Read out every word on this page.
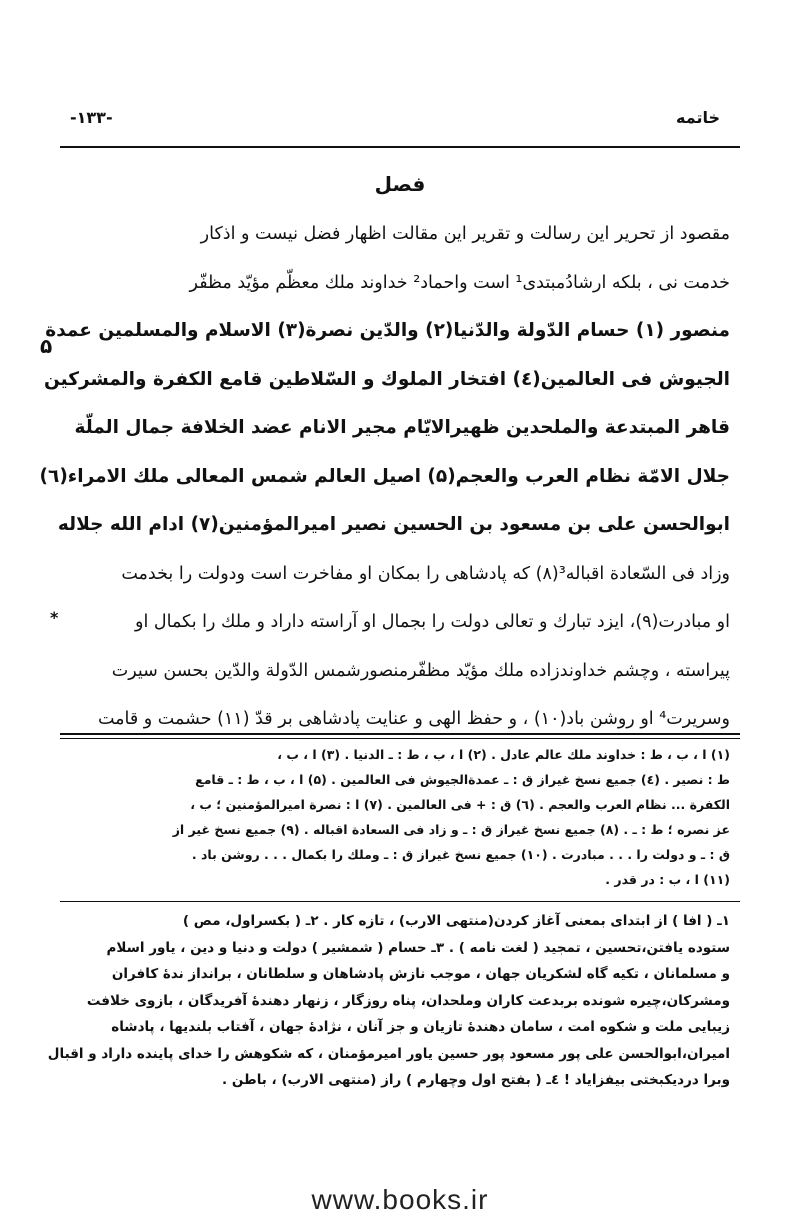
خاتمه
-۱۳۳-
فصل
۵
*
مقصود از تحریر این رسالت و تقریر این مقالت اظهار فضل نیست و اذکار
خدمت نی ، بلکه ارشادُمبتدی¹ است واحماد² خداوند ملك معظّم مؤیّد مظفّر
منصور (۱) حسام الدّولة والدّنیا(۲) والدّین نصرة(۳) الاسلام والمسلمین عمدة
الجیوش فی العالمین(٤) افتخار الملوك و السّلاطین قامع الکفرة والمشرکین
قاهر المبتدعة والملحدین ظهیرالایّام مجیر الانام عضد الخلافة جمال الملّة
جلال الامّة نظام العرب والعجم(۵) اصیل العالم شمس المعالی ملك الامراء(٦)
ابوالحسن علی بن مسعود بن الحسین نصیر امیرالمؤمنین(۷) ادام الله جلاله
وزاد فی السّعادة اقباله³(۸) که پادشاهی را بمکان او مفاخرت است ودولت را بخدمت
او مبادرت(۹)، ایزد تبارك و تعالی دولت را بجمال او آراسته داراد و ملك را بکمال او
پیراسته ، وچشم خداوندزاده ملك مؤیّد مظفّرمنصورشمس الدّولة والدّین بحسن سیرت
وسریرت⁴ او روشن باد(۱۰) ، و حفظ الهی و عنایت پادشاهی بر قدّ (۱۱) حشمت و قامت
(۱) ا ، ب ، ط : خداوند ملك عالم عادل . (۲) ا ، ب ، ط : ـ الدنیا . (۳) ا ، ب ،
ط : نصیر . (٤) جمیع نسخ غیراز ق : ـ عمدةالجیوش فی العالمین . (۵) ا ، ب ، ط : ـ قامع
الکفرة ... نظام العرب والعجم . (٦) ق : + فی العالمین . (۷) ا : نصرة امیرالمؤمنین ؛ ب ،
عز نصره ؛ ط : ـ . (۸) جمیع نسخ غیراز ق : ـ و زاد فی السعادة اقباله . (۹) جمیع نسخ غیر از
ق : ـ و دولت را . . . مبادرت . (۱۰) جمیع نسخ غیراز ق : ـ وملك را بکمال . . . روشن باد .
(۱۱) ا ، ب : در قدر .
۱ـ ( افا ) از ابتدای بمعنی آغاز کردن(منتهی الارب) ، تازه کار . ۲ـ ( بکسراول، مص )
ستوده یافتن،تحسین ، تمجید ( لغت نامه ) . ۳ـ حسام ( شمشیر ) دولت و دنیا و دین ، یاور اسلام
و مسلمانان ، تکیه گاه لشکریان جهان ، موجب نازش پادشاهان و سلطانان ، برانداز ندهٔ کافران
ومشرکان،چیره شونده بربدعت کاران وملحدان، پناه روزگار ، زنهار دهندهٔ آفریدگان ، بازوی خلافت
زیبایی ملت و شکوه امت ، سامان دهندهٔ تازیان و جز آنان ، نژادهٔ جهان ، آفتاب بلندیها ، پادشاه
امیران،ابوالحسن علی پور مسعود پور حسین یاور امیرمؤمنان ، که شکوهش را خدای پاینده داراد و اقبال
وبرا دردیکبختی بیفزایاد ! ٤ـ ( بفتح اول وچهارم ) راز (منتهی الارب) ، باطن .
www.books.ir
